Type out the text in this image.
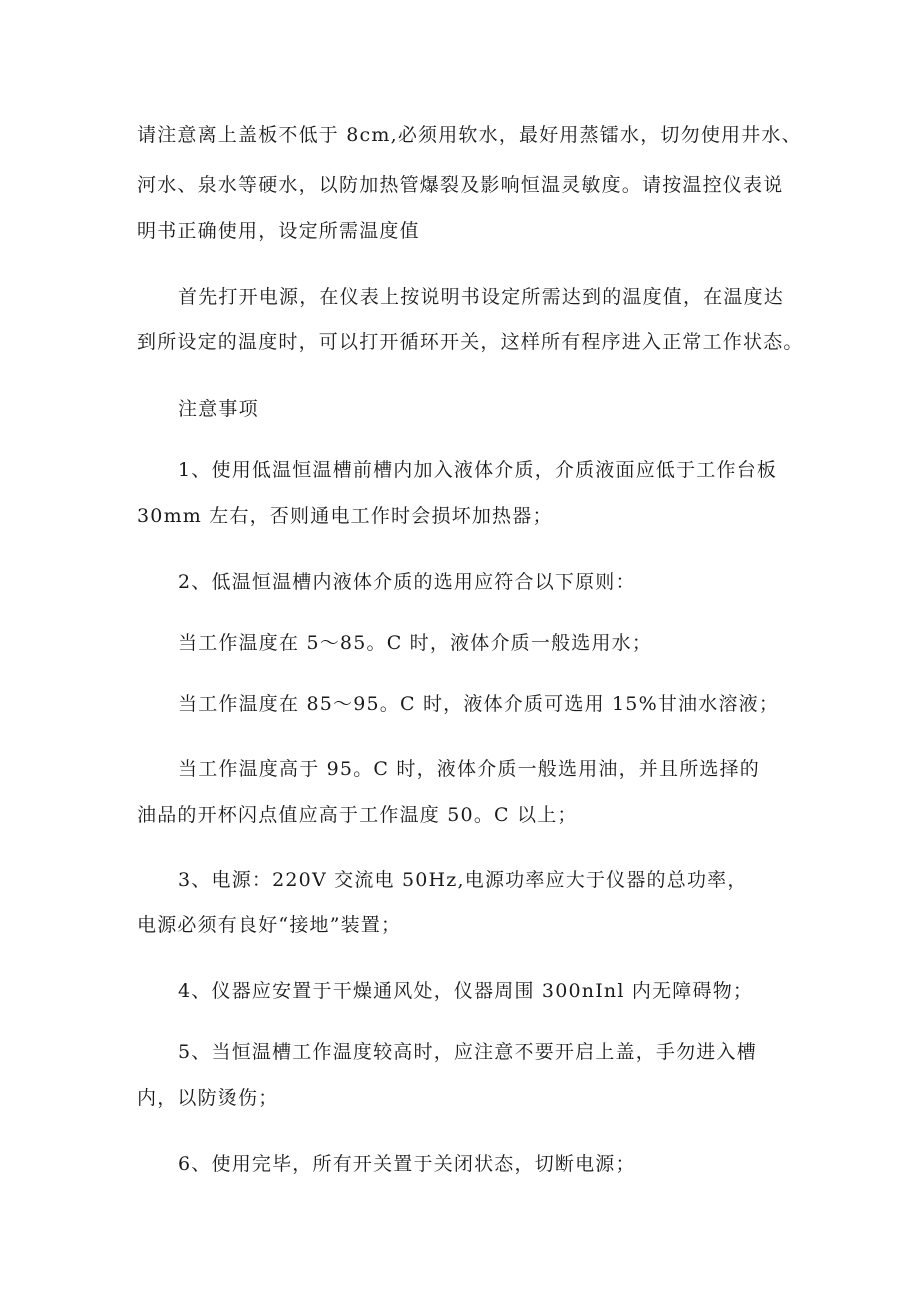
请注意离上盖板不低于 8cm,必须用软水，最好用蒸镭水，切勿使用井水、
河水、泉水等硬水，以防加热管爆裂及影响恒温灵敏度。请按温控仪表说
明书正确使用，设定所需温度值
首先打开电源，在仪表上按说明书设定所需达到的温度值，在温度达
到所设定的温度时，可以打开循环开关，这样所有程序进入正常工作状态。
注意事项
1、使用低温恒温槽前槽内加入液体介质，介质液面应低于工作台板
30mm 左右，否则通电工作时会损坏加热器；
2、低温恒温槽内液体介质的选用应符合以下原则：
当工作温度在 5～85。C 时，液体介质一般选用水；
当工作温度在 85～95。C 时，液体介质可选用 15%甘油水溶液；
当工作温度高于 95。C 时，液体介质一般选用油，并且所选择的
油品的开杯闪点值应高于工作温度 50。C 以上；
3、电源：220V 交流电 50Hz,电源功率应大于仪器的总功率，
电源必须有良好“接地”装置；
4、仪器应安置于干燥通风处，仪器周围 300nInl 内无障碍物；
5、当恒温槽工作温度较高时，应注意不要开启上盖，手勿进入槽
内，以防烫伤；
6、使用完毕，所有开关置于关闭状态，切断电源；
